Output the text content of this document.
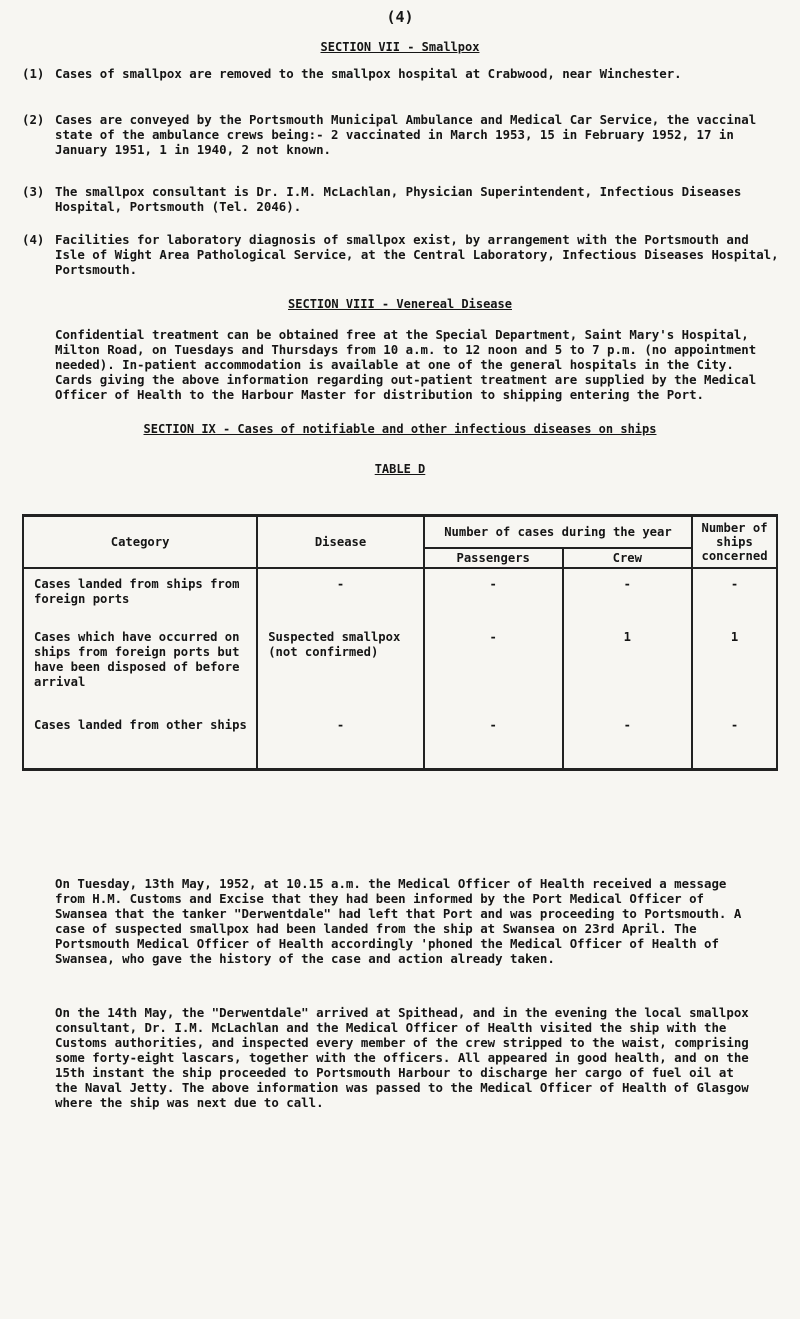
(4)
SECTION VII - Smallpox
(1) Cases of smallpox are removed to the smallpox hospital at Crabwood, near Winchester.
(2) Cases are conveyed by the Portsmouth Municipal Ambulance and Medical Car Service, the vaccinal state of the ambulance crews being:- 2 vaccinated in March 1953, 15 in February 1952, 17 in January 1951, 1 in 1940, 2 not known.
(3) The smallpox consultant is Dr. I.M. McLachlan, Physician Superintendent, Infectious Diseases Hospital, Portsmouth (Tel. 2046).
(4) Facilities for laboratory diagnosis of smallpox exist, by arrangement with the Portsmouth and Isle of Wight Area Pathological Service, at the Central Laboratory, Infectious Diseases Hospital, Portsmouth.
SECTION VIII - Venereal Disease
Confidential treatment can be obtained free at the Special Department, Saint Mary's Hospital, Milton Road, on Tuesdays and Thursdays from 10 a.m. to 12 noon and 5 to 7 p.m. (no appointment needed). In-patient accommodation is available at one of the general hospitals in the City. Cards giving the above information regarding out-patient treatment are supplied by the Medical Officer of Health to the Harbour Master for distribution to shipping entering the Port.
SECTION IX - Cases of notifiable and other infectious diseases on ships
TABLE D
Category	Disease	Number of cases during the year		Number of ships concerned
		Passengers	Crew	
Cases landed from ships from foreign ports	-	-	-	-
Cases which have occurred on ships from foreign ports but have been disposed of before arrival	Suspected smallpox (not confirmed)	-	1	1
Cases landed from other ships	-	-	-	-
On Tuesday, 13th May, 1952, at 10.15 a.m. the Medical Officer of Health received a message from H.M. Customs and Excise that they had been informed by the Port Medical Officer of Swansea that the tanker "Derwentdale" had left that Port and was proceeding to Portsmouth. A case of suspected smallpox had been landed from the ship at Swansea on 23rd April. The Portsmouth Medical Officer of Health accordingly 'phoned the Medical Officer of Health of Swansea, who gave the history of the case and action already taken.
On the 14th May, the "Derwentdale" arrived at Spithead, and in the evening the local smallpox consultant, Dr. I.M. McLachlan and the Medical Officer of Health visited the ship with the Customs authorities, and inspected every member of the crew stripped to the waist, comprising some forty-eight lascars, together with the officers. All appeared in good health, and on the 15th instant the ship proceeded to Portsmouth Harbour to discharge her cargo of fuel oil at the Naval Jetty. The above information was passed to the Medical Officer of Health of Glasgow where the ship was next due to call.
